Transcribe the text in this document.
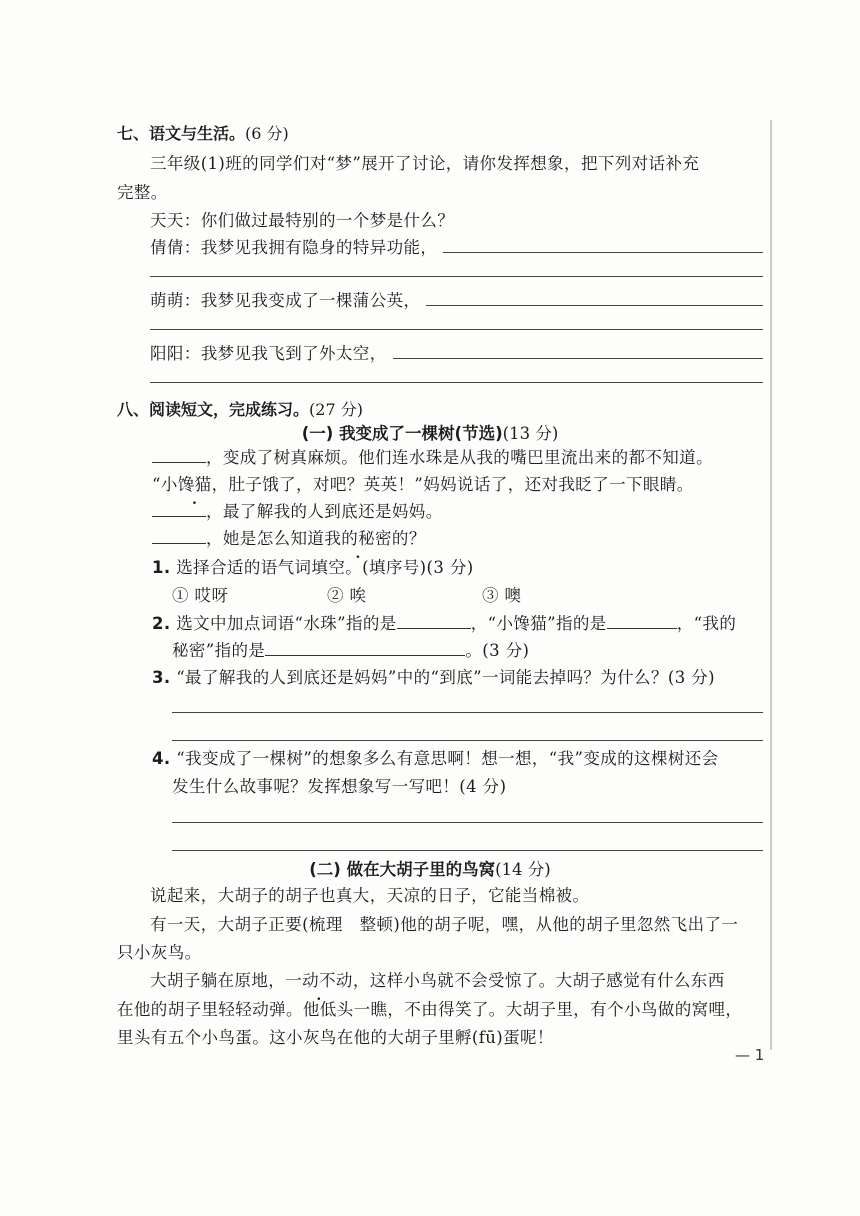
七、语文与生活。(6 分)
三年级(1)班的同学们对“梦”展开了讨论，请你发挥想象，把下列对话补充
完整。
天天：你们做过最特别的一个梦是什么？
倩倩：我梦见我拥有隐身的特异功能，
萌萌：我梦见我变成了一棵蒲公英，
阳阳：我梦见我飞到了外太空，
八、阅读短文，完成练习。(27 分)
(一) 我变成了一棵树(节选)(13 分)
，变成了树真麻烦。他们连水珠是从我的嘴巴里流出来的都不知道。
“小馋猫，肚子饿了，对吧？英英！”妈妈说话了，还对我眨了一下眼睛。
，最了解我的人到底还是妈妈。
，她是怎么知道我的秘密的？
1. 选择合适的语气词填空。(填序号)(3 分)
① 哎呀	② 唉	③ 噢
2. 选文中加点词语“水珠”指的是	，“小馋猫”指的是	，“我的
秘密”指的是	。(3 分)
3. “最了解我的人到底还是妈妈”中的“到底”一词能去掉吗？为什么？(3 分)
4. “我变成了一棵树”的想象多么有意思啊！想一想，“我”变成的这棵树还会
发生什么故事呢？发挥想象写一写吧！(4 分)
(二) 做在大胡子里的鸟窝(14 分)
说起来，大胡子的胡子也真大，天凉的日子，它能当棉被。
有一天，大胡子正要(梳理　整顿)他的胡子呢，嘿，从他的胡子里忽然飞出了一
只小灰鸟。
大胡子躺在原地，一动不动，这样小鸟就不会受惊了。大胡子感觉有什么东西
在他的胡子里轻轻动弹。他低头一瞧，不由得笑了。大胡子里，有个小鸟做的窝哩，
里头有五个小鸟蛋。这小灰鸟在他的大胡子里孵(fū)蛋呢！
— 1
